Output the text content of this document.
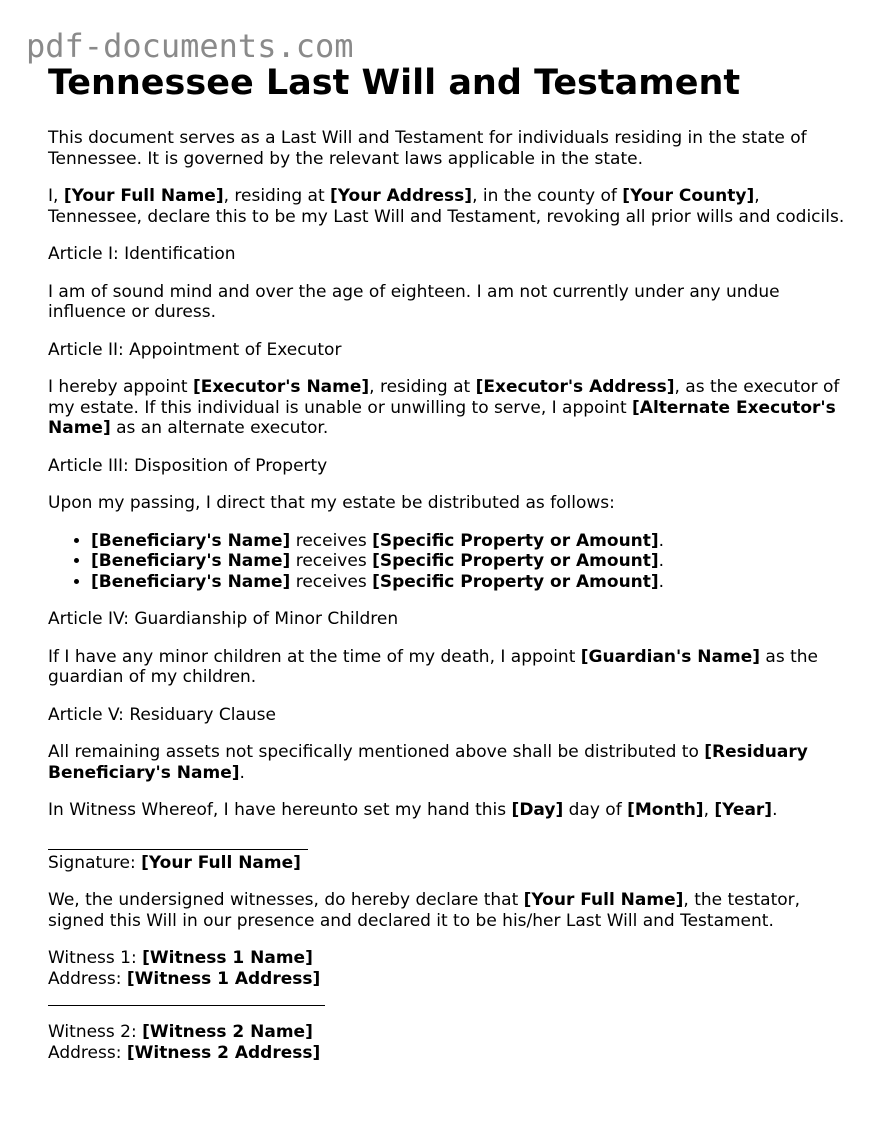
pdf-documents.com
Tennessee Last Will and Testament

This document serves as a Last Will and Testament for individuals residing in the state of Tennessee. It is governed by the relevant laws applicable in the state.

I, [Your Full Name], residing at [Your Address], in the county of [Your County], Tennessee, declare this to be my Last Will and Testament, revoking all prior wills and codicils.

Article I: Identification

I am of sound mind and over the age of eighteen. I am not currently under any undue influence or duress.

Article II: Appointment of Executor

I hereby appoint [Executor's Name], residing at [Executor's Address], as the executor of my estate. If this individual is unable or unwilling to serve, I appoint [Alternate Executor's Name] as an alternate executor.

Article III: Disposition of Property

Upon my passing, I direct that my estate be distributed as follows:

• [Beneficiary's Name] receives [Specific Property or Amount].
• [Beneficiary's Name] receives [Specific Property or Amount].
• [Beneficiary's Name] receives [Specific Property or Amount].

Article IV: Guardianship of Minor Children

If I have any minor children at the time of my death, I appoint [Guardian's Name] as the guardian of my children.

Article V: Residuary Clause

All remaining assets not specifically mentioned above shall be distributed to [Residuary Beneficiary's Name].

In Witness Whereof, I have hereunto set my hand this [Day] day of [Month], [Year].

Signature: [Your Full Name]

We, the undersigned witnesses, do hereby declare that [Your Full Name], the testator, signed this Will in our presence and declared it to be his/her Last Will and Testament.

Witness 1: [Witness 1 Name]

Address: [Witness 1 Address]

Witness 2: [Witness 2 Name]

Address: [Witness 2 Address]
